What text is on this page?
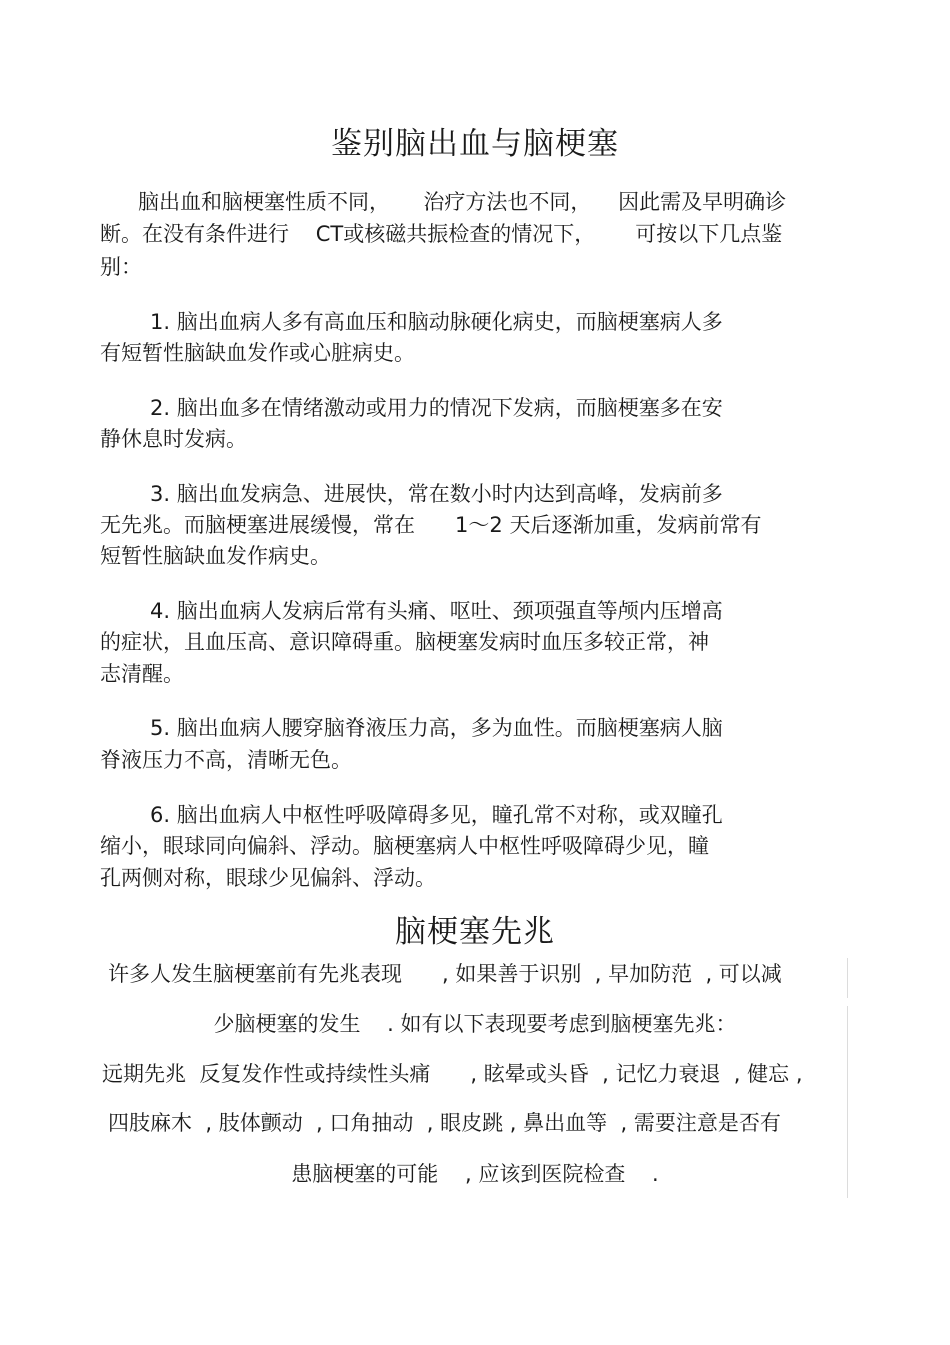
鉴别脑出血与脑梗塞
脑出血和脑梗塞性质不同，     治疗方法也不同，    因此需及早明确诊
断。在没有条件进行    CT或核磁共振检查的情况下，      可按以下几点鉴
别：
1. 脑出血病人多有高血压和脑动脉硬化病史，而脑梗塞病人多
有短暂性脑缺血发作或心脏病史。
2. 脑出血多在情绪激动或用力的情况下发病，而脑梗塞多在安
静休息时发病。
3. 脑出血发病急、进展快，常在数小时内达到高峰，发病前多
无先兆。而脑梗塞进展缓慢，常在      1～2 天后逐渐加重，发病前常有
短暂性脑缺血发作病史。
4. 脑出血病人发病后常有头痛、呕吐、颈项强直等颅内压增高
的症状，且血压高、意识障碍重。脑梗塞发病时血压多较正常，神
志清醒。
5. 脑出血病人腰穿脑脊液压力高，多为血性。而脑梗塞病人脑
脊液压力不高，清晰无色。
6. 脑出血病人中枢性呼吸障碍多见，瞳孔常不对称，或双瞳孔
缩小，眼球同向偏斜、浮动。脑梗塞病人中枢性呼吸障碍少见，瞳
孔两侧对称，眼球少见偏斜、浮动。
脑梗塞先兆
许多人发生脑梗塞前有先兆表现      , 如果善于识别  , 早加防范  , 可以减
少脑梗塞的发生    . 如有以下表现要考虑到脑梗塞先兆：
远期先兆  反复发作性或持续性头痛      , 眩晕或头昏  , 记忆力衰退  , 健忘 ,
四肢麻木  , 肢体颤动  , 口角抽动  , 眼皮跳 , 鼻出血等  , 需要注意是否有
患脑梗塞的可能    , 应该到医院检查    .
